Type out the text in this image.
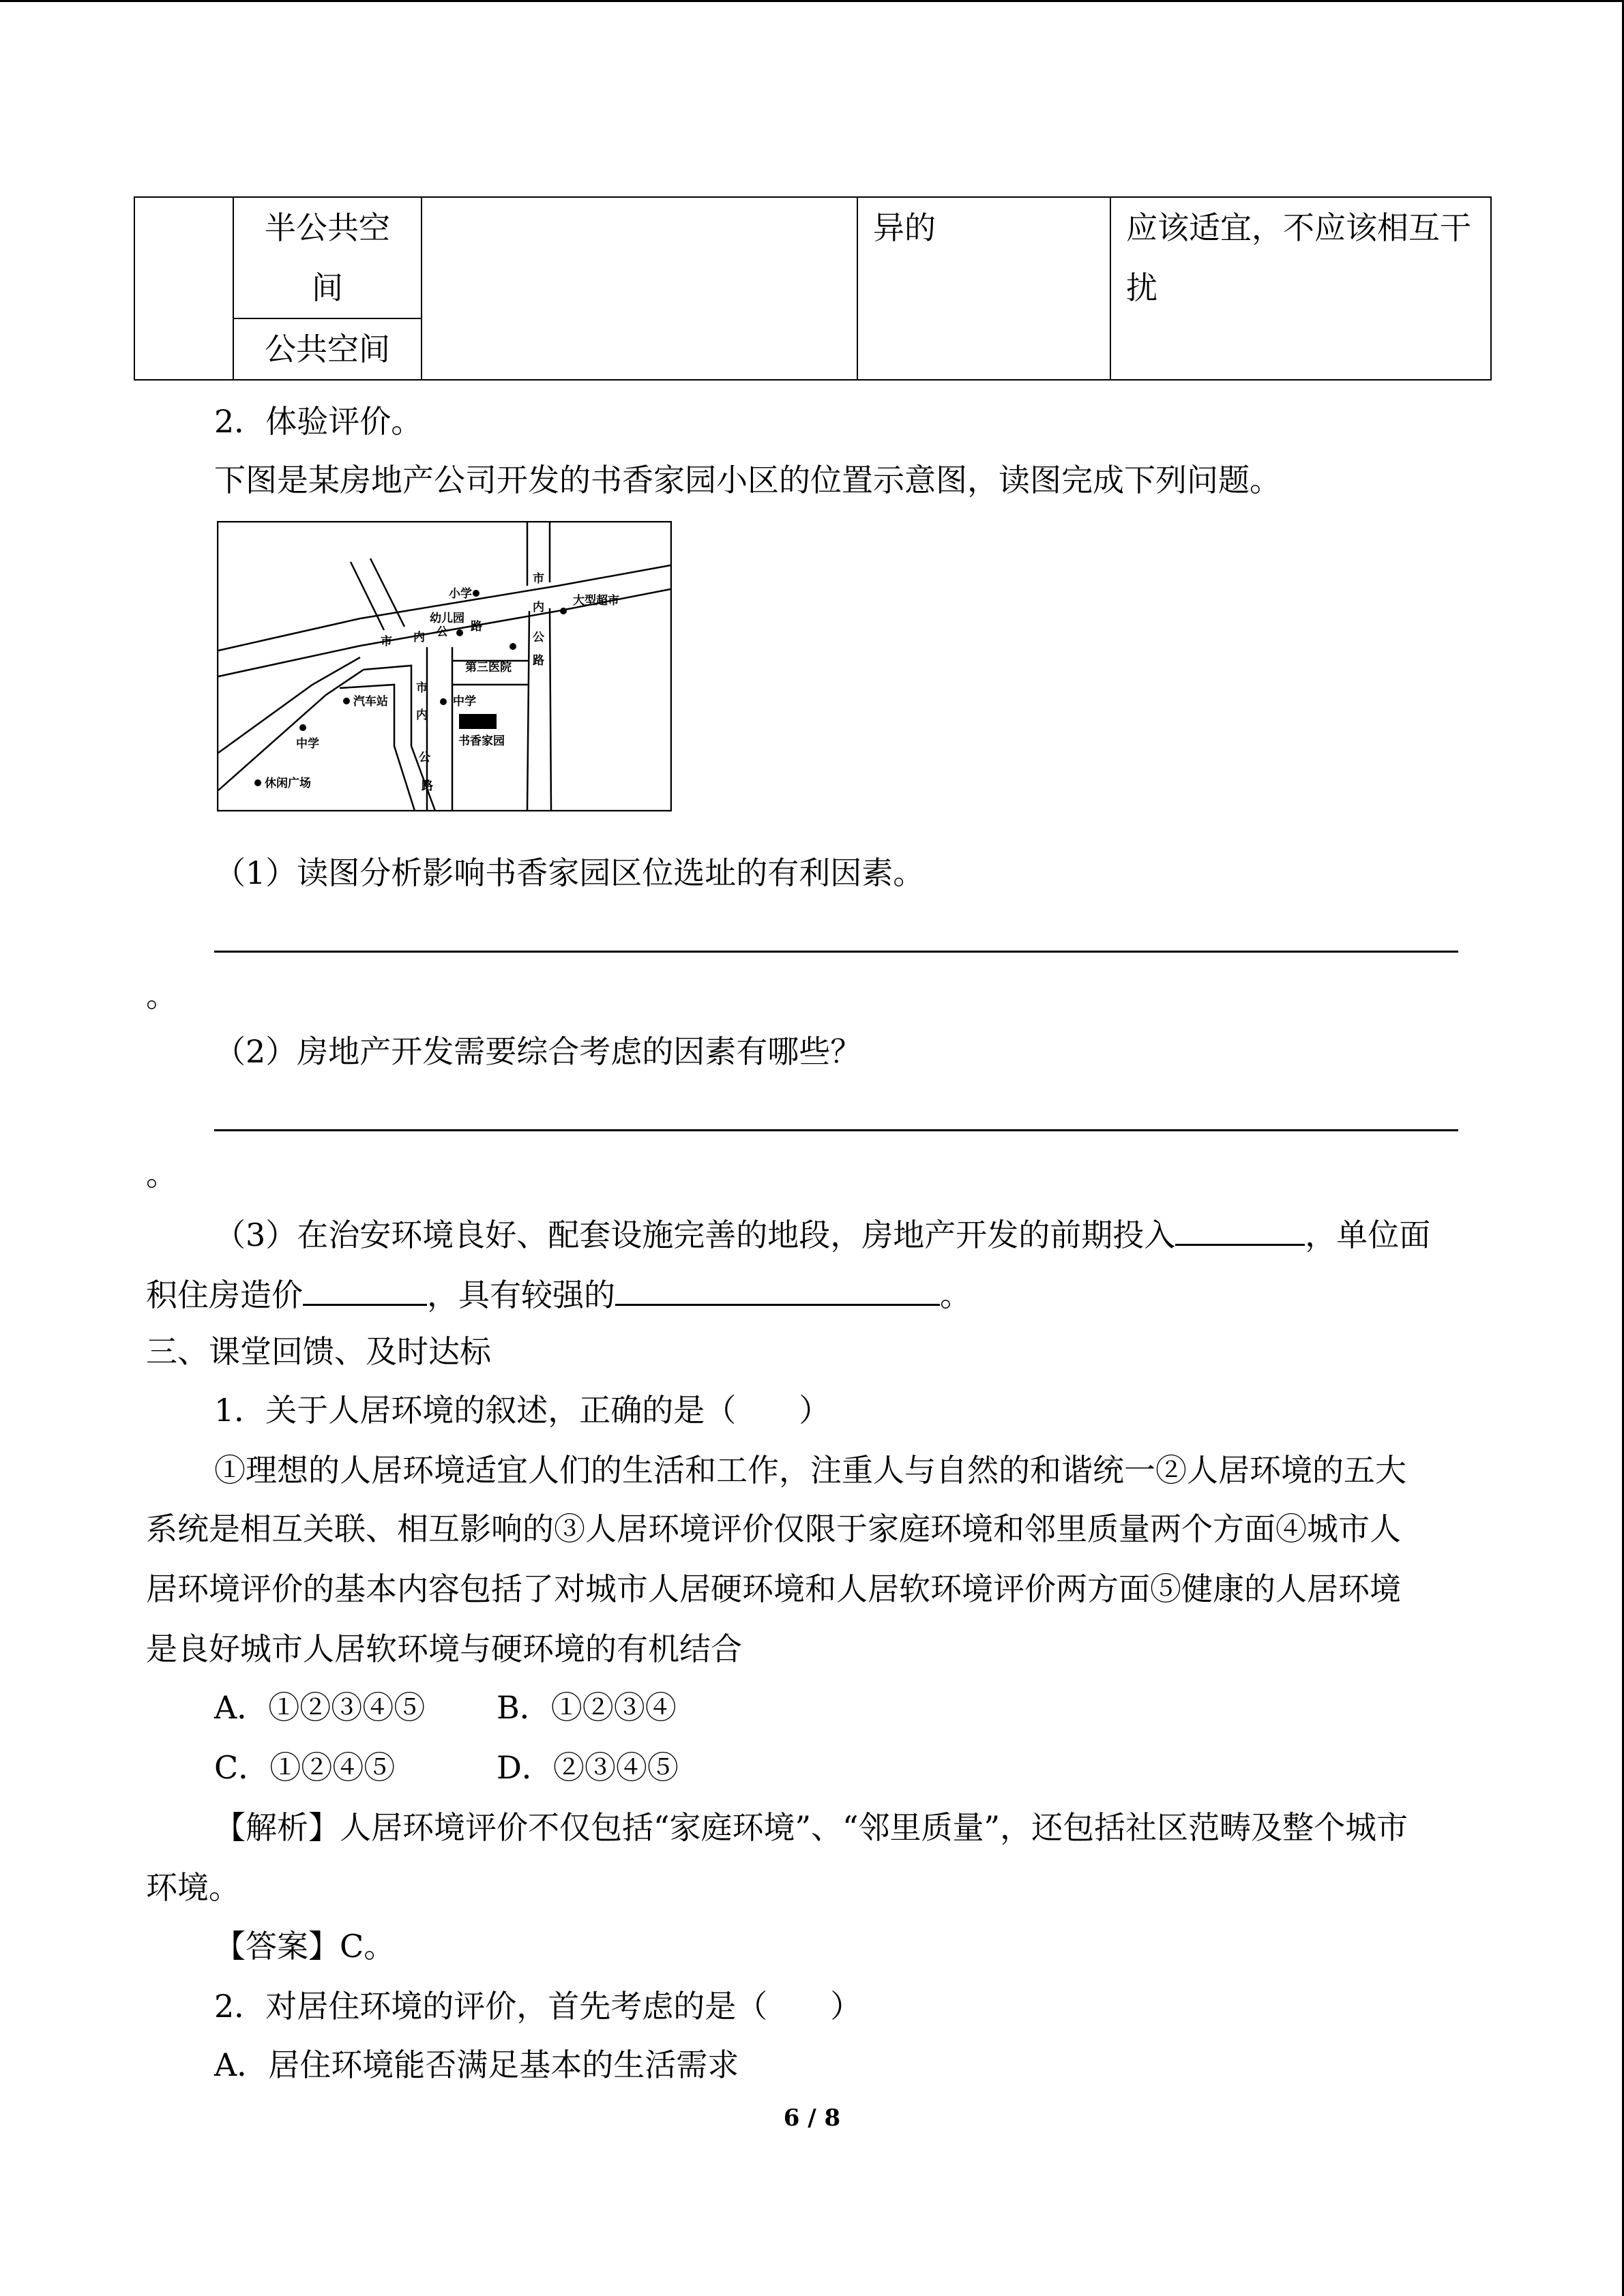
半公共空
间
		异的	应该适宜，不应该相互干
扰

公共空间
2．体验评价。
下图是某房地产公司开发的书香家园小区的位置示意图，读图完成下列问题。
小学
幼儿园
大型超市
第三医院
汽车站	中学
中学	书香家园
休闲广场
市 内 公 路
市
内
公
路
市
内
公
路
（1）读图分析影响书香家园区位选址的有利因素。
。
（2）房地产开发需要综合考虑的因素有哪些？
。
（3）在治安环境良好、配套设施完善的地段，房地产开发的前期投入	，单位面
积住房造价	，具有较强的	。
三、课堂回馈、及时达标
1．关于人居环境的叙述，正确的是（　　）
①理想的人居环境适宜人们的生活和工作，注重人与自然的和谐统一②人居环境的五大
系统是相互关联、相互影响的③人居环境评价仅限于家庭环境和邻里质量两个方面④城市人
居环境评价的基本内容包括了对城市人居硬环境和人居软环境评价两方面⑤健康的人居环境
是良好城市人居软环境与硬环境的有机结合
A．①②③④⑤ B．①②③④
C．①②④⑤	D．②③④⑤
【解析】人居环境评价不仅包括“家庭环境”、“邻里质量”，还包括社区范畴及整个城市
环境。
【答案】C。
2．对居住环境的评价，首先考虑的是（　　）
A．居住环境能否满足基本的生活需求
6 / 8
